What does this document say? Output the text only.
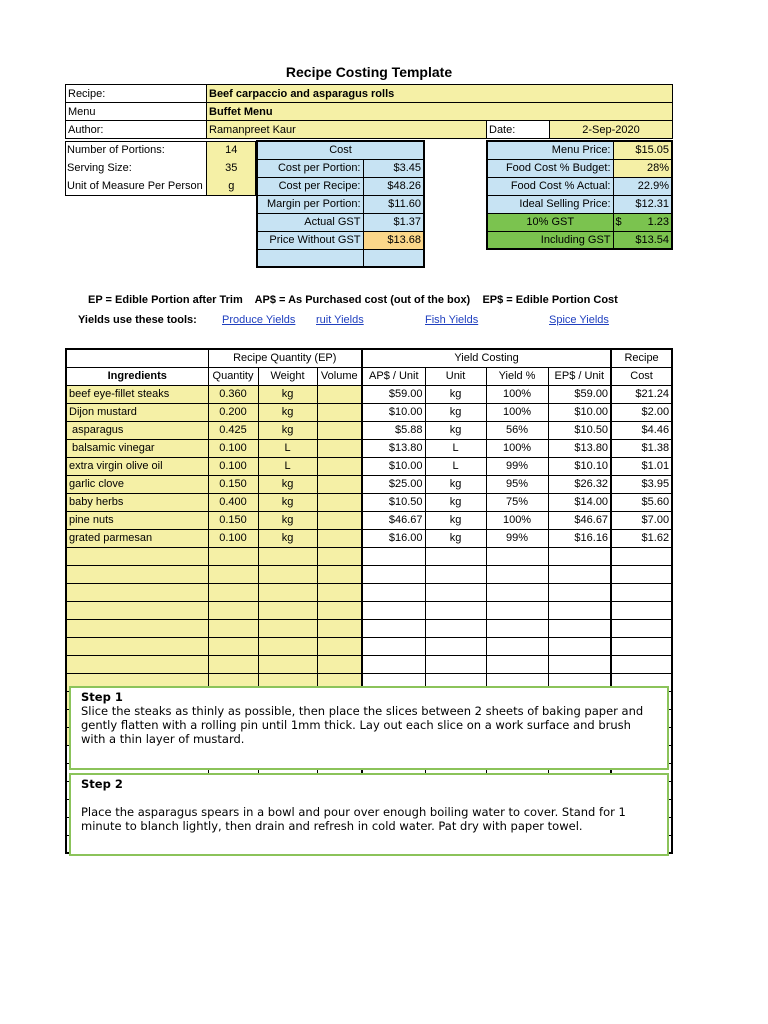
Recipe Costing Template
Recipe:	Beef carpaccio and asparagus rolls		
Menu	Buffet Menu		
Author:	Ramanpreet Kaur	Date:	2-Sep-2020
Number of Portions:	14
Serving Size:	35
Unit of Measure Per Person	g
Cost	
Cost per Portion:	$3.45
Cost per Recipe:	$48.26
Margin per Portion:	$11.60
Actual GST	$1.37
Price Without GST	$13.68

Menu Price:	$15.05	
Food Cost % Budget:	28%	
Food Cost % Actual:	22.9%	
Ideal Selling Price:	$12.31	
10% GST	$	1.23
Including GST	$13.54	
EP = Edible Portion after Trim    AP$ = As Purchased cost (out of the box)    EP$ = Edible Portion Cost
Yields use these tools: Produce Yields ruit Yields	Fish Yields	Spice Yields
	Recipe Quantity (EP)			Yield Costing				Recipe
Ingredients	Quantity	Weight	Volume	AP$ / Unit	Unit	Yield %	EP$ / Unit	Cost
beef eye-fillet steaks	0.360	kg		$59.00	kg	100%	$59.00	$21.24
Dijon mustard	0.200	kg		$10.00	kg	100%	$10.00	$2.00
asparagus	0.425	kg		$5.88	kg	56%	$10.50	$4.46
balsamic vinegar	0.100	L		$13.80	L	100%	$13.80	$1.38
extra virgin olive oil	0.100	L		$10.00	L	99%	$10.10	$1.01
garlic clove	0.150	kg		$25.00	kg	95%	$26.32	$3.95
baby herbs	0.400	kg		$10.50	kg	75%	$14.00	$5.60
pine nuts	0.150	kg		$46.67	kg	100%	$46.67	$7.00
grated parmesan	0.100	kg		$16.00	kg	99%	$16.16	$1.62

Step 1
Slice the steaks as thinly as possible, then place the slices between 2 sheets of baking paper and gently flatten with a rolling pin until 1mm thick. Lay out each slice on a work surface and brush with a thin layer of mustard.
Step 2
Place the asparagus spears in a bowl and pour over enough boiling water to cover. Stand for 1 minute to blanch lightly, then drain and refresh in cold water. Pat dry with paper towel.
